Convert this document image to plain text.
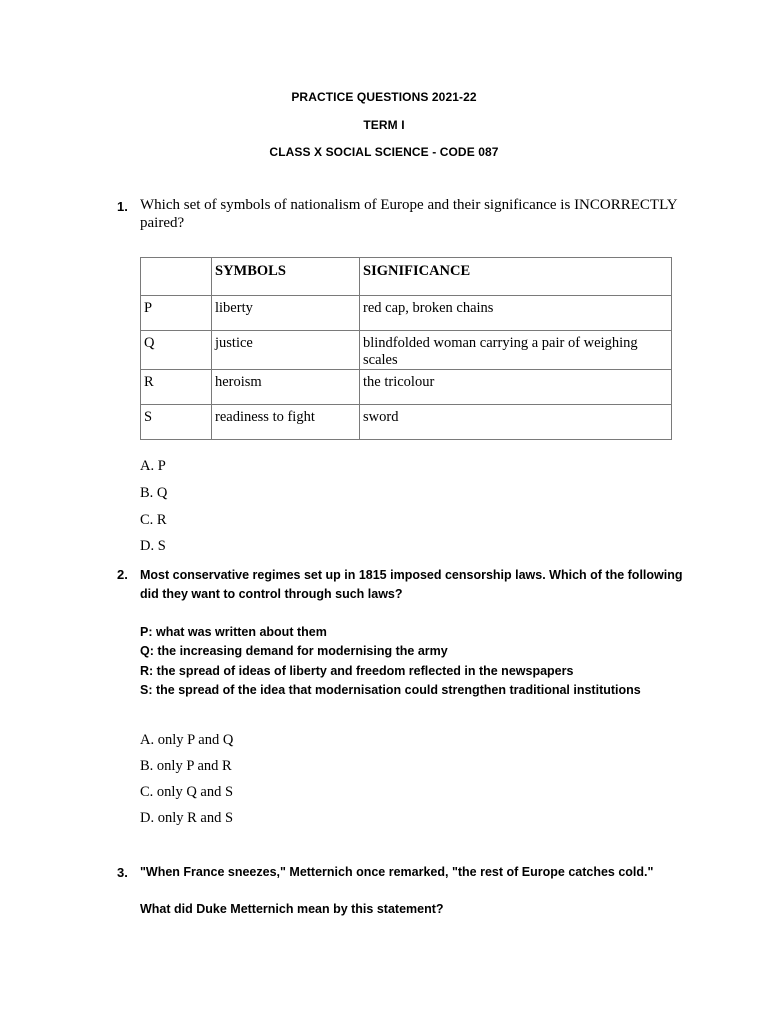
PRACTICE QUESTIONS 2021-22
TERM I
CLASS X SOCIAL SCIENCE - CODE 087
1. Which set of symbols of nationalism of Europe and their significance is INCORRECTLY paired?
	SYMBOLS	SIGNIFICANCE
P	liberty	red cap, broken chains
Q	justice	blindfolded woman carrying a pair of weighing scales
R	heroism	the tricolour
S	readiness to fight	sword
A. P
B. Q
C. R
D. S
2. Most conservative regimes set up in 1815 imposed censorship laws. Which of the following did they want to control through such laws?
P: what was written about them
Q: the increasing demand for modernising the army
R: the spread of ideas of liberty and freedom reflected in the newspapers
S: the spread of the idea that modernisation could strengthen traditional institutions
A. only P and Q
B. only P and R
C. only Q and S
D. only R and S
3. "When France sneezes," Metternich once remarked, "the rest of Europe catches cold."
What did Duke Metternich mean by this statement?
